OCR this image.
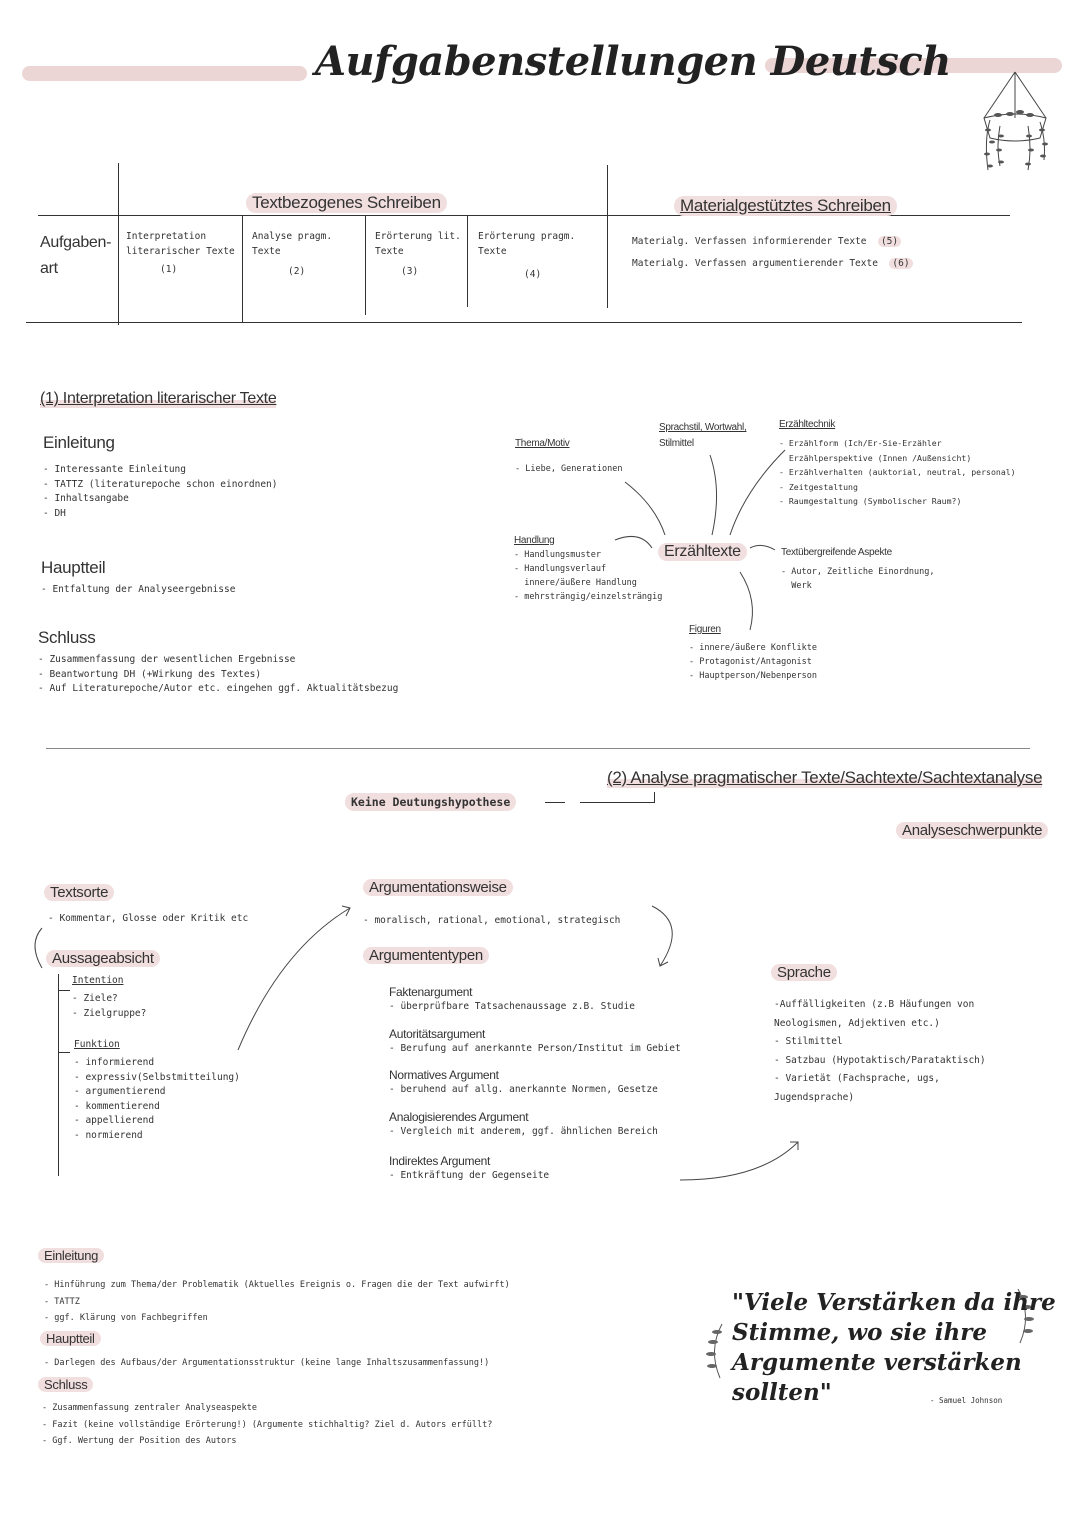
Aufgabenstellungen Deutsch
Textbezogenes Schreiben	Materialgestütztes Schreiben
Aufgaben-
art
Interpretation
literarischer Texte
(1)
Analyse pragm.
Texte
(2)
Erörterung lit.
Texte
(3)
Erörterung pragm.
Texte
(4)
Materialg. Verfassen informierender Texte (5)
Materialg. Verfassen argumentierender Texte (6)
(1) Interpretation literarischer Texte
Einleitung
- Interessante Einleitung
- TATTZ (literaturepoche schon einordnen)
- Inhaltsangabe
- DH
Hauptteil
- Entfaltung der Analyseergebnisse
Schluss
- Zusammenfassung der wesentlichen Ergebnisse
- Beantwortung DH (+Wirkung des Textes)
- Auf Literaturepoche/Autor etc. eingehen ggf. Aktualitätsbezug
Erzähltexte
Thema/Motiv
- Liebe, Generationen
Sprachstil, Wortwahl,
Stilmittel
Erzähltechnik
- Erzählform (Ich/Er-Sie-Erzähler
Erzählperspektive (Innen /Außensicht)
- Erzählverhalten (auktorial, neutral, personal)
- Zeitgestaltung
- Raumgestaltung (Symbolischer Raum?)
Handlung
- Handlungsmuster
- Handlungsverlauf
innere/äußere Handlung
- mehrsträngig/einzelsträngig
Textübergreifende Aspekte
- Autor, Zeitliche Einordnung,
Werk
Figuren
- innere/äußere Konflikte
- Protagonist/Antagonist
- Hauptperson/Nebenperson
(2) Analyse pragmatischer Texte/Sachtexte/Sachtextanalyse
Keine Deutungshypothese
Analyseschwerpunkte
Textsorte
- Kommentar, Glosse oder Kritik etc
Aussageabsicht
Intention
- Ziele?
- Zielgruppe?
Funktion
- informierend
- expressiv(Selbstmitteilung)
- argumentierend
- kommentierend
- appellierend
- normierend
Argumentationsweise
- moralisch, rational, emotional, strategisch
Argumententypen
Faktenargument
- überprüfbare Tatsachenaussage z.B. Studie
Autoritätsargument
- Berufung auf anerkannte Person/Institut im Gebiet
Normatives Argument
- beruhend auf allg. anerkannte Normen, Gesetze
Analogisierendes Argument
- Vergleich mit anderem, ggf. ähnlichen Bereich
Indirektes Argument
- Entkräftung der Gegenseite
Sprache
-Auffälligkeiten (z.B Häufungen von
Neologismen, Adjektiven etc.)
- Stilmittel
- Satzbau (Hypotaktisch/Parataktisch)
- Varietät (Fachsprache, ugs,
Jugendsprache)
Einleitung
- Hinführung zum Thema/der Problematik (Aktuelles Ereignis o. Fragen die der Text aufwirft)
- TATTZ
- ggf. Klärung von Fachbegriffen
Hauptteil
- Darlegen des Aufbaus/der Argumentationsstruktur (keine lange Inhaltszusammenfassung!)
Schluss
- Zusammenfassung zentraler Analyseaspekte
- Fazit (keine vollständige Erörterung!) (Argumente stichhaltig? Ziel d. Autors erfüllt?
- Ggf. Wertung der Position des Autors
"Viele Verstärken da ihre
Stimme, wo sie ihre
Argumente verstärken sollten"	- Samuel Johnson
